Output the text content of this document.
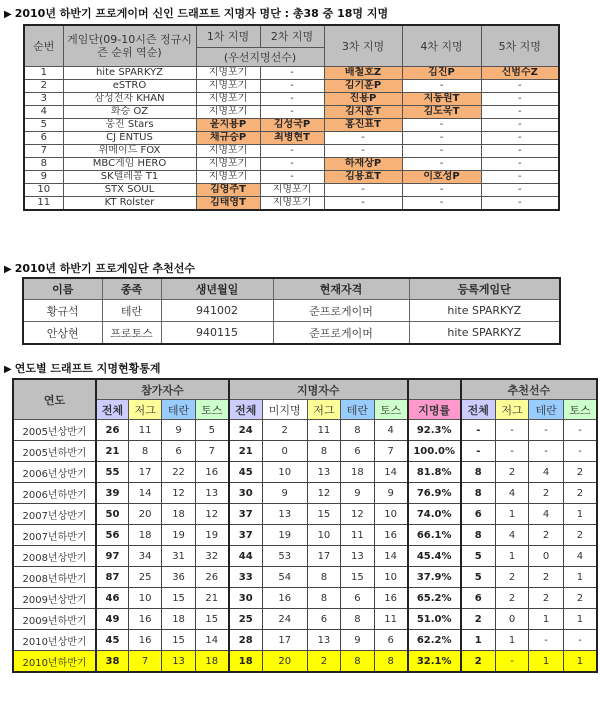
▶ 2010년 하반기 프로게이머 신인 드래프트 지명자 명단 : 총38 중 18명 지명
순번	게임단(09-10시즌 정규시즌 순위 역순)	1차 지명	2차 지명	3차 지명	4차 지명	5차 지명
		(우선지명선수)				
1	hite SPARKYZ	지명포기	-	배철호Z	김진P	신범수Z
2	eSTRO	지명포기	-	김기훈P	-	-
3	삼성전자 KHAN	지명포기	-	진용P	지동원T	-
4	화승 OZ	지명포기	-	김지훈T	김도욱T	-
5	웅진 Stars	윤지용P	김성국P	홍진표T	-	-
6	CJ ENTUS	채규승P	최병현T	-	-	-
7	위메이드 FOX	지명포기	-	-	-	-
8	MBC게임 HERO	지명포기	-	하재상P	-	-
9	SK텔레콤 T1	지명포기	-	김용효T	이호성P	-
10	STX SOUL	김영주T	지명포기	-	-	-
11	KT Rolster	김태영T	지명포기	-	-	-
▶ 2010년 하반기 프로게임단 추천선수
이름	종족	생년월일	현재자격	등록게임단
황규석	테란	941002	준프로게이머	hite SPARKYZ
안상현	프로토스	940115	준프로게이머	hite SPARKYZ
▶ 연도별 드래프트 지명현황통계
연도	참가자수				지명자수						추천선수			
	전체	저그	테란	토스	전체	미지명	저그	테란	토스	지명률	전체	저그	테란	토스
2005년상반기	26	11	9	5	24	2	11	8	4	92.3%	-	-	-	-
2005년하반기	21	8	6	7	21	0	8	6	7	100.0%	-	-	-	-
2006년상반기	55	17	22	16	45	10	13	18	14	81.8%	8	2	4	2
2006년하반기	39	14	12	13	30	9	12	9	9	76.9%	8	4	2	2
2007년상반기	50	20	18	12	37	13	15	12	10	74.0%	6	1	4	1
2007년하반기	56	18	19	19	37	19	10	11	16	66.1%	8	4	2	2
2008년상반기	97	34	31	32	44	53	17	13	14	45.4%	5	1	0	4
2008년하반기	87	25	36	26	33	54	8	15	10	37.9%	5	2	2	1
2009년상반기	46	10	15	21	30	16	8	6	16	65.2%	6	2	2	2
2009년하반기	49	16	18	15	25	24	6	8	11	51.0%	2	0	1	1
2010년상반기	45	16	15	14	28	17	13	9	6	62.2%	1	1	-	-
2010년하반기	38	7	13	18	18	20	2	8	8	32.1%	2	-	1	1
